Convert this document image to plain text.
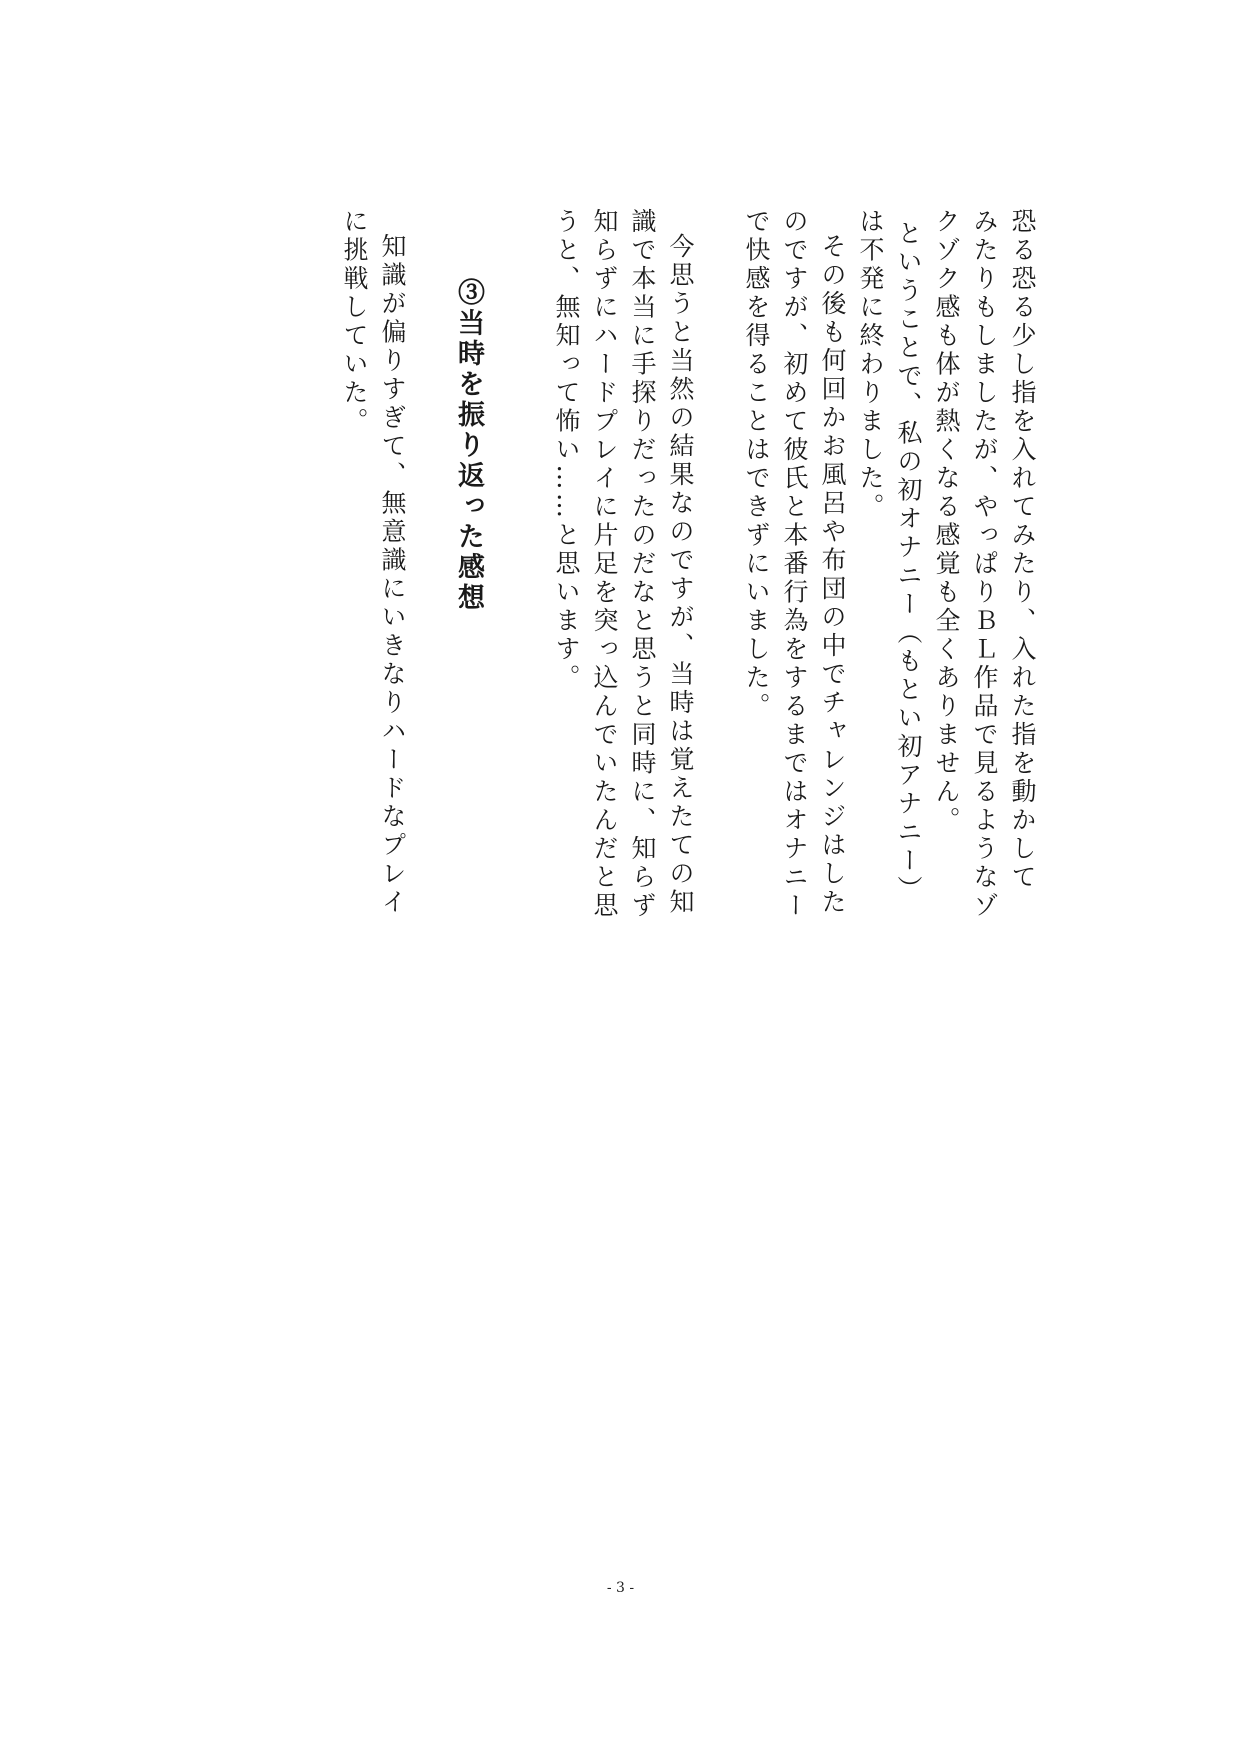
恐る恐る少し指を入れてみたり、入れた指を動かして
みたりもしましたが、やっぱりＢＬ作品で見るようなゾ
クゾク感も体が熱くなる感覚も全くありません。
ということで、私の初オナニー（もとい初アナニー）
は不発に終わりました。
その後も何回かお風呂や布団の中でチャレンジはした
のですが、初めて彼氏と本番行為をするまではオナニー
で快感を得ることはできずにいました。
今思うと当然の結果なのですが、当時は覚えたての知
識で本当に手探りだったのだなと思うと同時に、知らず
知らずにハードプレイに片足を突っ込んでいたんだと思
うと、無知って怖い……と思います。
③当時を振り返った感想
知識が偏りすぎて、無意識にいきなりハードなプレイ
に挑戦していた。
- 3 -
